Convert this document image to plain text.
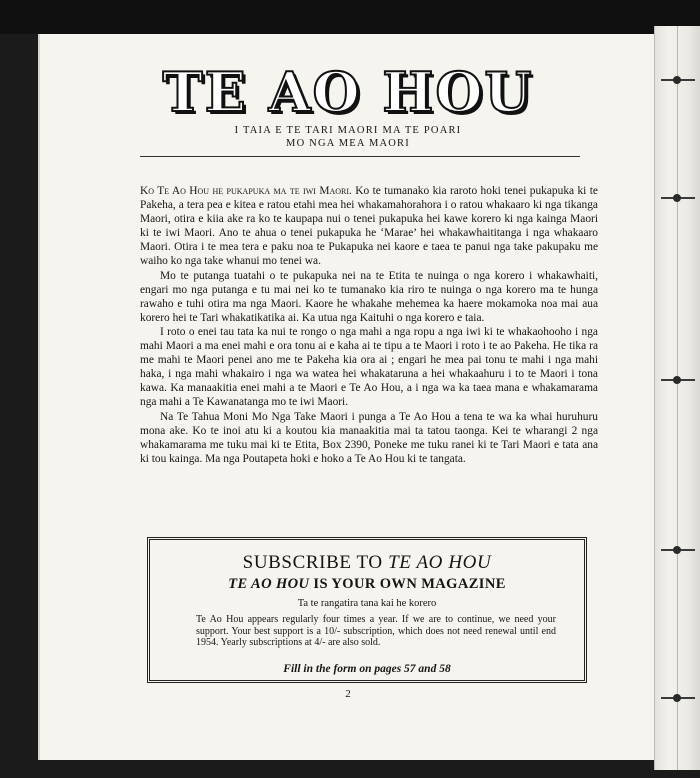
TE AO HOU
I TAIA E TE TARI MAORI MA TE POARI
MO NGA MEA MAORI

Ko Te Ao Hou he pukapuka ma te iwi Maori. Ko te tumanako kia raroto hoki tenei pukapuka ki te Pakeha, a tera pea e kitea e ratou etahi mea hei whakamahorahora i o ratou whakaaro ki nga tikanga Maori, otira e kiia ake ra ko te kaupapa nui o tenei pukapuka hei kawe korero ki nga kainga Maori ki te iwi Maori. Ano te ahua o tenei pukapuka he ‘Marae’ hei whakawhaititanga i nga whakaaro Maori. Otira i te mea tera e paku noa te Pukapuka nei kaore e taea te panui nga take pakupaku me waiho ko nga take whanui mo tenei wa.

Mo te putanga tuatahi o te pukapuka nei na te Etita te nuinga o nga korero i whakawhaiti, engari mo nga putanga e tu mai nei ko te tumanako kia riro te nuinga o nga korero ma te hunga rawaho e tuhi otira ma nga Maori. Kaore he whakahe mehemea ka haere mokamoka noa mai aua korero hei te Tari whakatikatika ai. Ka utua nga Kaituhi o nga korero e taia.

I roto o enei tau tata ka nui te rongo o nga mahi a nga ropu a nga iwi ki te whakaohooho i nga mahi Maori a ma enei mahi e ora tonu ai e kaha ai te tipu a te Maori i roto i te ao Pakeha. He tika ra me mahi te Maori penei ano me te Pakeha kia ora ai ; engari he mea pai tonu te mahi i nga mahi haka, i nga mahi whakairo i nga wa watea hei whakataruna a hei whakaahuru i to te Maori i tona kawa. Ka manaakitia enei mahi a te Maori e Te Ao Hou, a i nga wa ka taea mana e whakamarama nga mahi a Te Kawanatanga mo te iwi Maori.

Na Te Tahua Moni Mo Nga Take Maori i punga a Te Ao Hou a tena te wa ka whai huruhuru mona ake. Ko te inoi atu ki a koutou kia manaakitia mai ta tatou taonga. Kei te wharangi 2 nga whakamarama me tuku mai ki te Etita, Box 2390, Poneke me tuku ranei ki te Tari Maori e tata ana ki tou kainga. Ma nga Poutapeta hoki e hoko a Te Ao Hou ki te tangata.

SUBSCRIBE TO TE AO HOU
TE AO HOU IS YOUR OWN MAGAZINE
Ta te rangatira tana kai he korero
Te Ao Hou appears regularly four times a year. If we are to continue, we need your support. Your best support is a 10/- subscription, which does not need renewal until end 1954. Yearly subscriptions at 4/- are also sold.
Fill in the form on pages 57 and 58
2
